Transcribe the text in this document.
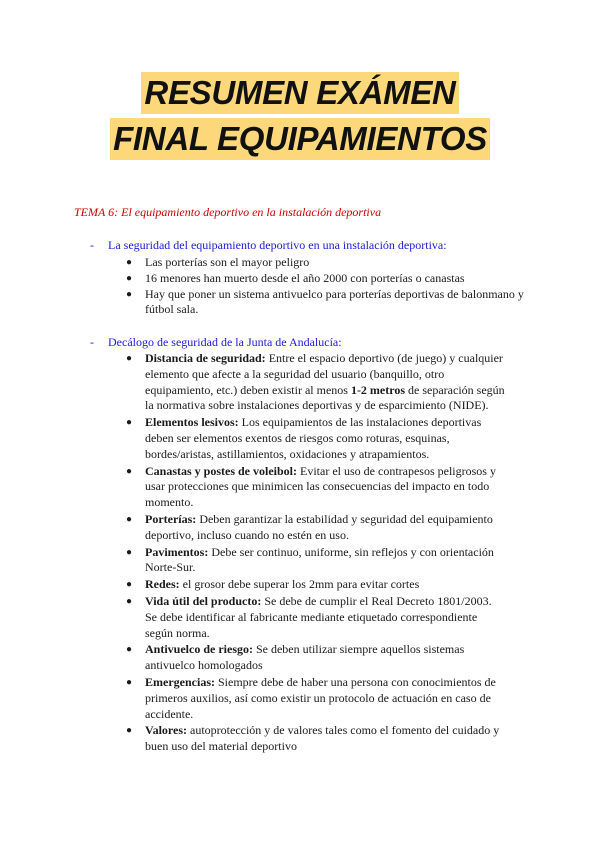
RESUMEN EXÁMEN
FINAL EQUIPAMIENTOS
TEMA 6: El equipamiento deportivo en la instalación deportiva
- La seguridad del equipamiento deportivo en una instalación deportiva:
● Las porterías son el mayor peligro
● 16 menores han muerto desde el año 2000 con porterías o canastas
● Hay que poner un sistema antivuelco para porterías deportivas de balonmano y fútbol sala.
- Decálogo de seguridad de la Junta de Andalucía:
● Distancia de seguridad: Entre el espacio deportivo (de juego) y cualquier elemento que afecte a la seguridad del usuario (banquillo, otro equipamiento, etc.) deben existir al menos 1-2 metros de separación según la normativa sobre instalaciones deportivas y de esparcimiento (NIDE).
● Elementos lesivos: Los equipamientos de las instalaciones deportivas deben ser elementos exentos de riesgos como roturas, esquinas, bordes/aristas, astillamientos, oxidaciones y atrapamientos.
● Canastas y postes de voleibol: Evitar el uso de contrapesos peligrosos y usar protecciones que minimicen las consecuencias del impacto en todo momento.
● Porterías: Deben garantizar la estabilidad y seguridad del equipamiento deportivo, incluso cuando no estén en uso.
● Pavimentos: Debe ser continuo, uniforme, sin reflejos y con orientación Norte-Sur.
● Redes: el grosor debe superar los 2mm para evitar cortes
● Vida útil del producto: Se debe de cumplir el Real Decreto 1801/2003. Se debe identificar al fabricante mediante etiquetado correspondiente según norma.
● Antivuelco de riesgo: Se deben utilizar siempre aquellos sistemas antivuelco homologados
● Emergencias: Siempre debe de haber una persona con conocimientos de primeros auxilios, así como existir un protocolo de actuación en caso de accidente.
● Valores: autoprotección y de valores tales como el fomento del cuidado y buen uso del material deportivo
